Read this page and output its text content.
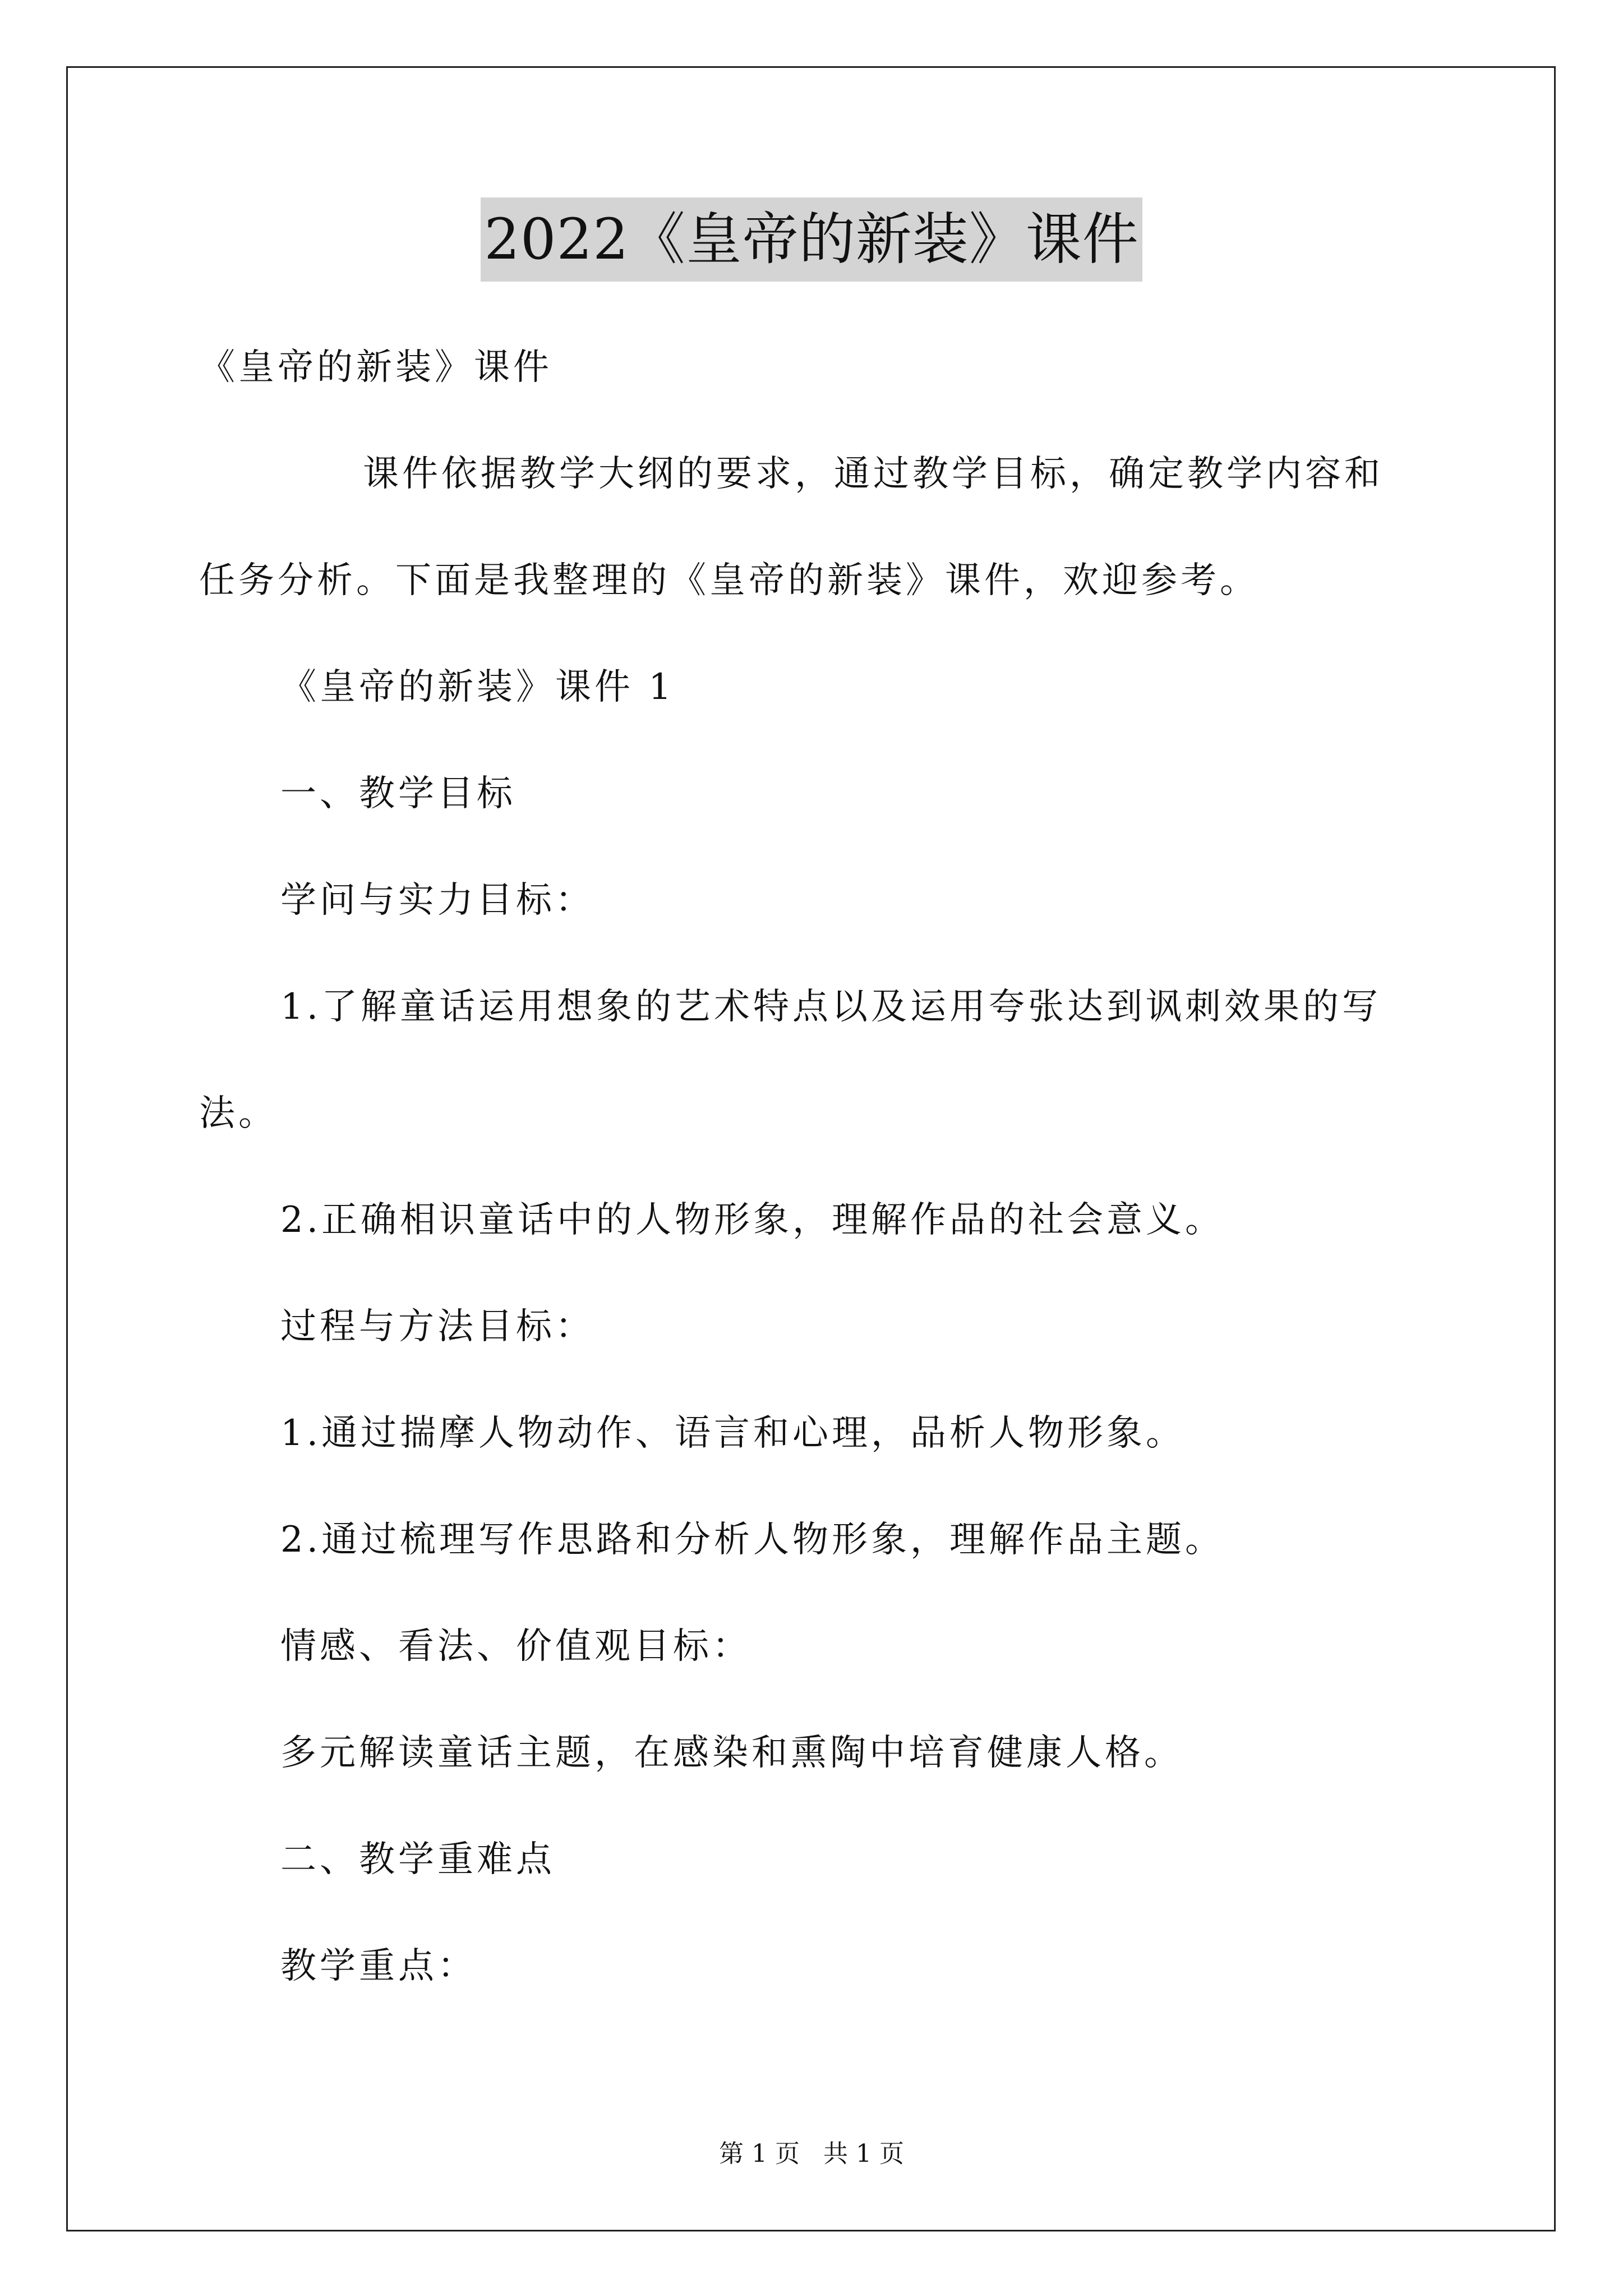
2022《皇帝的新装》课件
《皇帝的新装》课件
课件依据教学大纲的要求，通过教学目标，确定教学内容和
任务分析。下面是我整理的《皇帝的新装》课件，欢迎参考。
《皇帝的新装》课件 1
一、教学目标
学问与实力目标：
1.了解童话运用想象的艺术特点以及运用夸张达到讽刺效果的写
法。
2.正确相识童话中的人物形象，理解作品的社会意义。
过程与方法目标：
1.通过揣摩人物动作、语言和心理，品析人物形象。
2.通过梳理写作思路和分析人物形象，理解作品主题。
情感、看法、价值观目标：
多元解读童话主题，在感染和熏陶中培育健康人格。
二、教学重难点
教学重点：
第 1 页 共 1 页
